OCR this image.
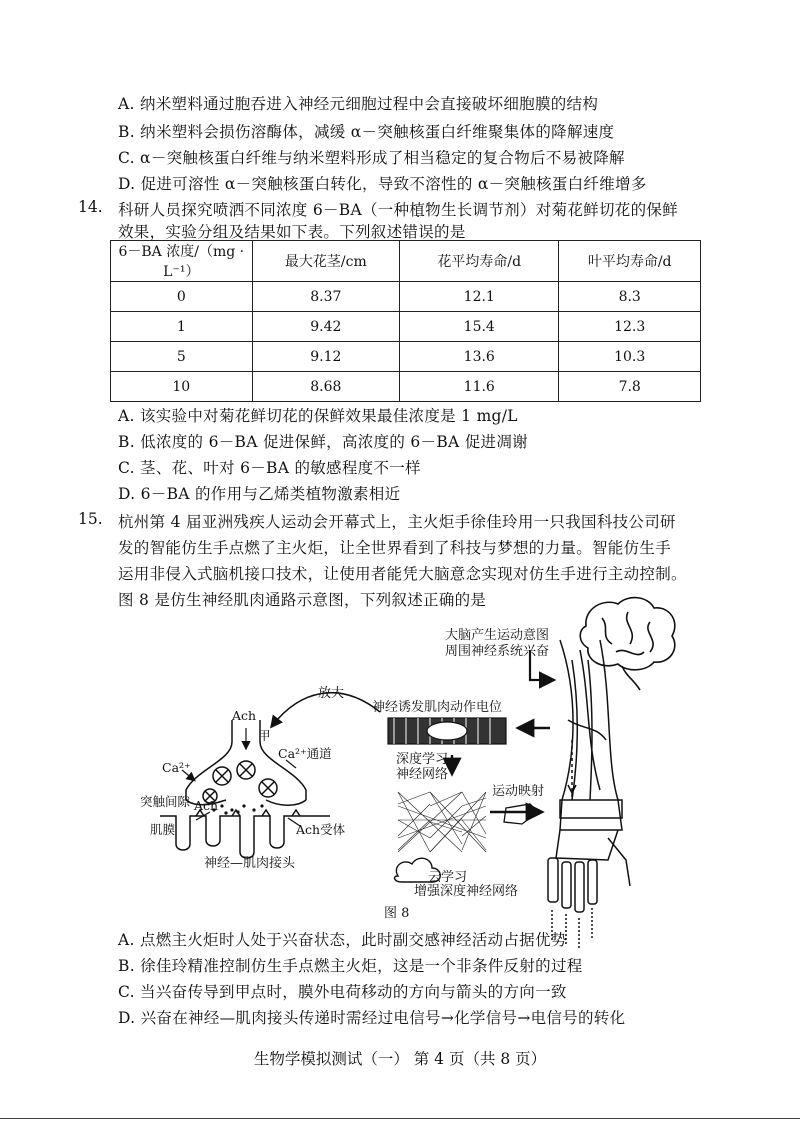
A. 纳米塑料通过胞吞进入神经元细胞过程中会直接破坏细胞膜的结构
B. 纳米塑料会损伤溶酶体，减缓 α－突触核蛋白纤维聚集体的降解速度
C. α－突触核蛋白纤维与纳米塑料形成了相当稳定的复合物后不易被降解
D. 促进可溶性 α－突触核蛋白转化，导致不溶性的 α－突触核蛋白纤维增多
14. 科研人员探究喷洒不同浓度 6－BA（一种植物生长调节剂）对菊花鲜切花的保鲜
效果，实验分组及结果如下表。下列叙述错误的是
6－BA 浓度/（mg · L⁻¹）	最大花茎/cm	花平均寿命/d	叶平均寿命/d
0	8.37	12.1	8.3
1	9.42	15.4	12.3
5	9.12	13.6	10.3
10	8.68	11.6	7.8
A. 该实验中对菊花鲜切花的保鲜效果最佳浓度是 1 mg/L
B. 低浓度的 6－BA 促进保鲜，高浓度的 6－BA 促进凋谢
C. 茎、花、叶对 6－BA 的敏感程度不一样
D. 6－BA 的作用与乙烯类植物激素相近
15. 杭州第 4 届亚洲残疾人运动会开幕式上，主火炬手徐佳玲用一只我国科技公司研
发的智能仿生手点燃了主火炬，让全世界看到了科技与梦想的力量。智能仿生手
运用非侵入式脑机接口技术，让使用者能凭大脑意念实现对仿生手进行主动控制。
图 8 是仿生神经肌肉通路示意图，下列叙述正确的是
大脑产生运动意图
周围神经系统兴奋
放大
神经诱发肌肉动作电位
深度学习
神经网络
运动映射
云学习
增强深度神经网络
Ach
甲
Ca²⁺通道
Ca²⁺
突触间隙 Ach
肌膜	Ach受体
神经—肌肉接头
图 8
A. 点燃主火炬时人处于兴奋状态，此时副交感神经活动占据优势
B. 徐佳玲精准控制仿生手点燃主火炬，这是一个非条件反射的过程
C. 当兴奋传导到甲点时，膜外电荷移动的方向与箭头的方向一致
D. 兴奋在神经—肌肉接头传递时需经过电信号→化学信号→电信号的转化
生物学模拟测试（一） 第 4 页（共 8 页）
